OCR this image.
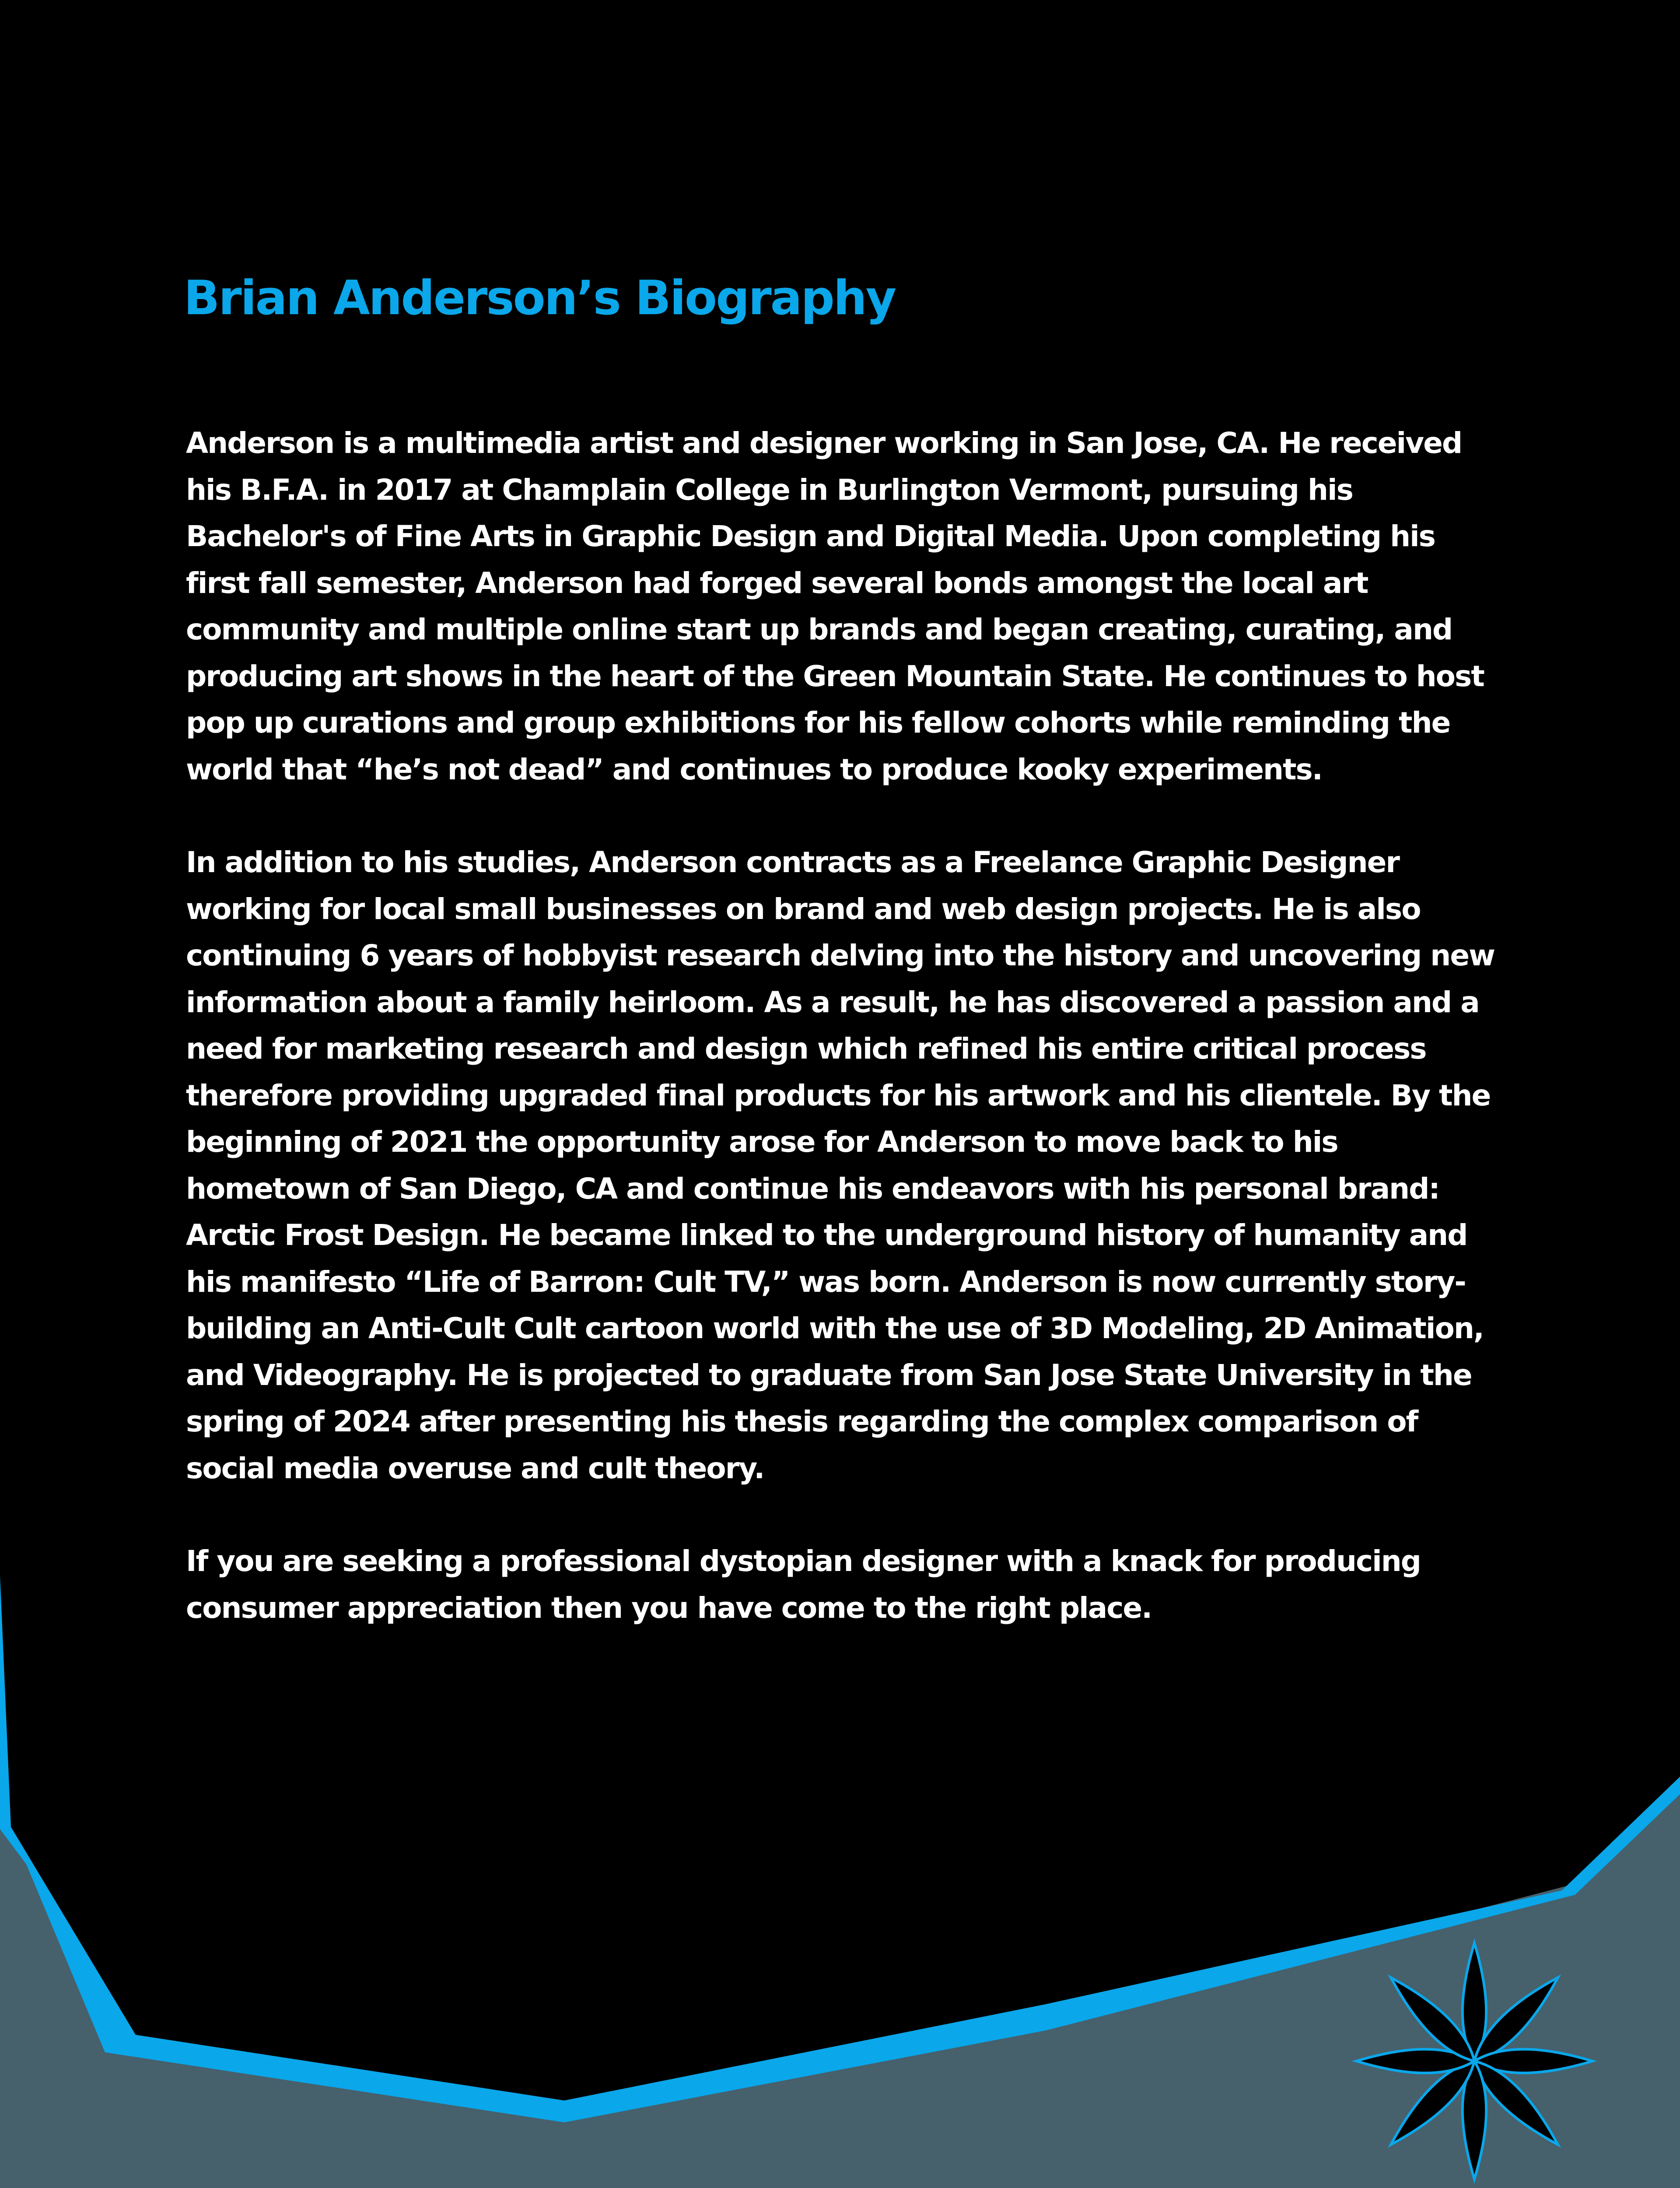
Brian Anderson’s Biography

Anderson is a multimedia artist and designer working in San Jose, CA. He received his B.F.A. in 2017 at Champlain College in Burlington Vermont, pursuing his Bachelor's of Fine Arts in Graphic Design and Digital Media. Upon completing his first fall semester, Anderson had forged several bonds amongst the local art community and multiple online start up brands and began creating, curating, and producing art shows in the heart of the Green Mountain State. He continues to host pop up curations and group exhibitions for his fellow cohorts while reminding the world that “he’s not dead” and continues to produce kooky experiments.

In addition to his studies, Anderson contracts as a Freelance Graphic Designer working for local small businesses on brand and web design projects. He is also continuing 6 years of hobbyist research delving into the history and uncovering new information about a family heirloom. As a result, he has discovered a passion and a need for marketing research and design which refined his entire critical process therefore providing upgraded final products for his artwork and his clientele. By the beginning of 2021 the opportunity arose for Anderson to move back to his hometown of San Diego, CA and continue his endeavors with his personal brand: Arctic Frost Design. He became linked to the underground history of humanity and his manifesto “Life of Barron: Cult TV,” was born. Anderson is now currently story-building an Anti-Cult Cult cartoon world with the use of 3D Modeling, 2D Animation, and Videography. He is projected to graduate from San Jose State University in the spring of 2024 after presenting his thesis regarding the complex comparison of social media overuse and cult theory.

If you are seeking a professional dystopian designer with a knack for producing consumer appreciation then you have come to the right place.
